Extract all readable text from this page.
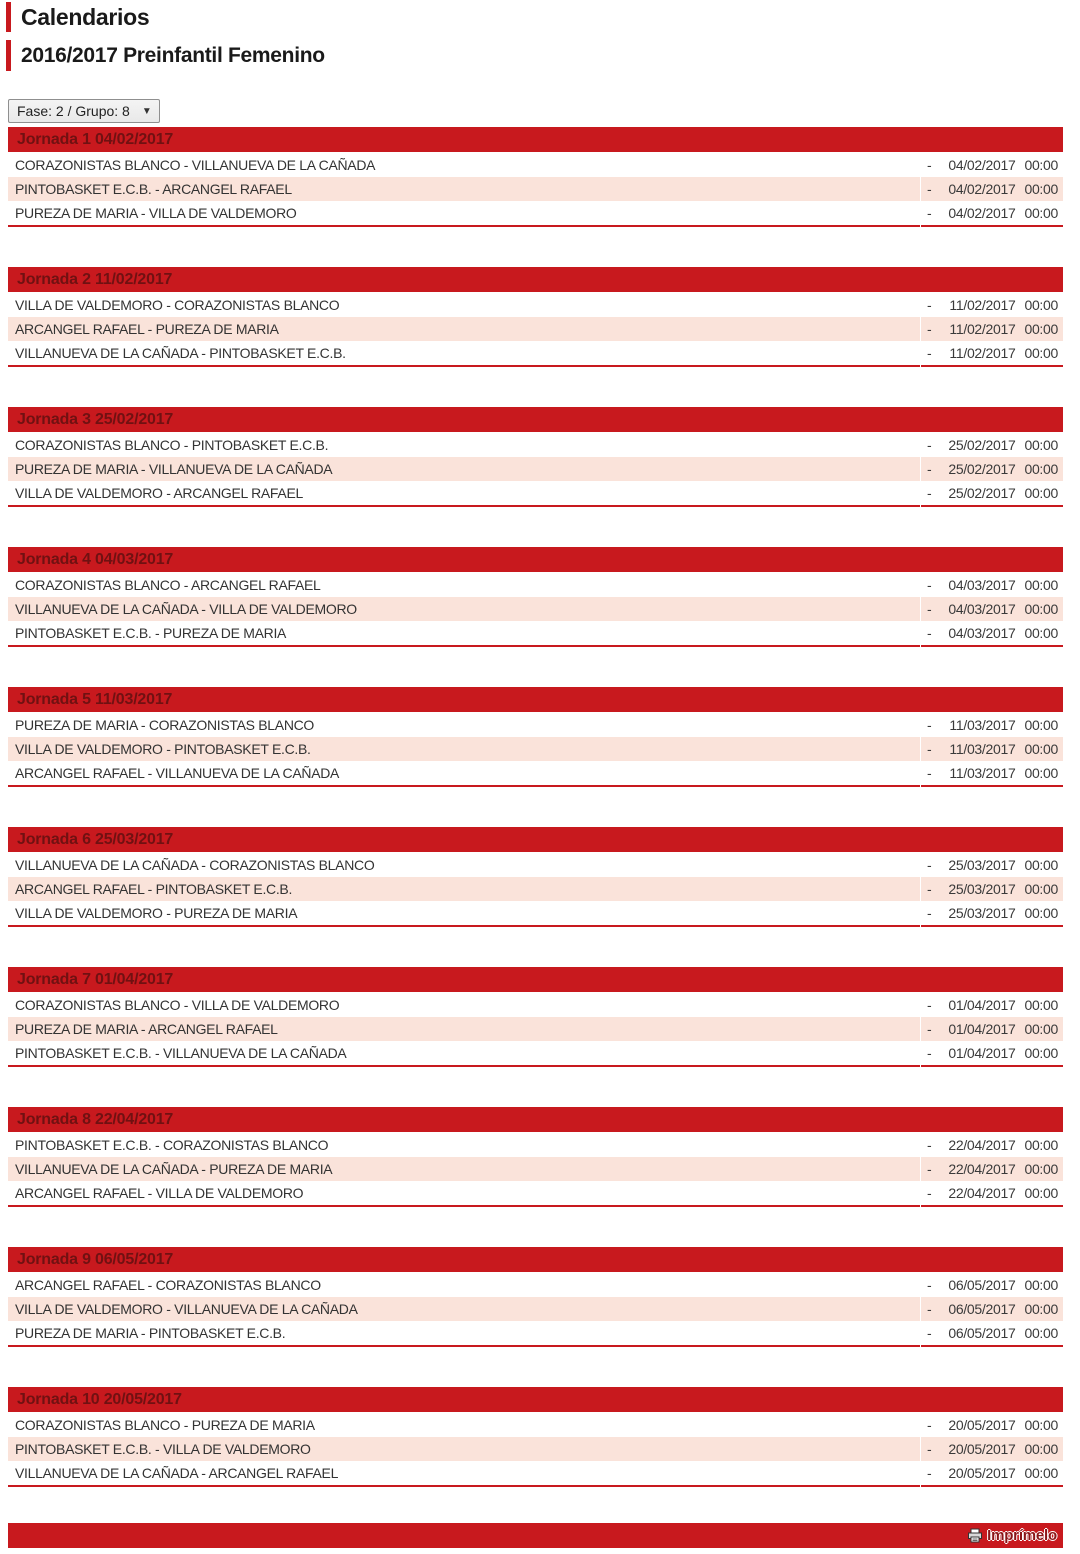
Calendarios
2016/2017 Preinfantil Femenino
Fase: 2 / Grupo: 8 ▼
Jornada 1 04/02/2017
CORAZONISTAS BLANCO - VILLANUEVA DE LA CAÑADA	- 04/02/2017 00:00
PINTOBASKET E.C.B. - ARCANGEL RAFAEL	- 04/02/2017 00:00
PUREZA DE MARIA - VILLA DE VALDEMORO	- 04/02/2017 00:00
Jornada 2 11/02/2017
VILLA DE VALDEMORO - CORAZONISTAS BLANCO	- 11/02/2017 00:00
ARCANGEL RAFAEL - PUREZA DE MARIA	- 11/02/2017 00:00
VILLANUEVA DE LA CAÑADA - PINTOBASKET E.C.B.	- 11/02/2017 00:00
Jornada 3 25/02/2017
CORAZONISTAS BLANCO - PINTOBASKET E.C.B.	- 25/02/2017 00:00
PUREZA DE MARIA - VILLANUEVA DE LA CAÑADA	- 25/02/2017 00:00
VILLA DE VALDEMORO - ARCANGEL RAFAEL	- 25/02/2017 00:00
Jornada 4 04/03/2017
CORAZONISTAS BLANCO - ARCANGEL RAFAEL	- 04/03/2017 00:00
VILLANUEVA DE LA CAÑADA - VILLA DE VALDEMORO	- 04/03/2017 00:00
PINTOBASKET E.C.B. - PUREZA DE MARIA	- 04/03/2017 00:00
Jornada 5 11/03/2017
PUREZA DE MARIA - CORAZONISTAS BLANCO	- 11/03/2017 00:00
VILLA DE VALDEMORO - PINTOBASKET E.C.B.	- 11/03/2017 00:00
ARCANGEL RAFAEL - VILLANUEVA DE LA CAÑADA	- 11/03/2017 00:00
Jornada 6 25/03/2017
VILLANUEVA DE LA CAÑADA - CORAZONISTAS BLANCO	- 25/03/2017 00:00
ARCANGEL RAFAEL - PINTOBASKET E.C.B.	- 25/03/2017 00:00
VILLA DE VALDEMORO - PUREZA DE MARIA	- 25/03/2017 00:00
Jornada 7 01/04/2017
CORAZONISTAS BLANCO - VILLA DE VALDEMORO	- 01/04/2017 00:00
PUREZA DE MARIA - ARCANGEL RAFAEL	- 01/04/2017 00:00
PINTOBASKET E.C.B. - VILLANUEVA DE LA CAÑADA	- 01/04/2017 00:00
Jornada 8 22/04/2017
PINTOBASKET E.C.B. - CORAZONISTAS BLANCO	- 22/04/2017 00:00
VILLANUEVA DE LA CAÑADA - PUREZA DE MARIA	- 22/04/2017 00:00
ARCANGEL RAFAEL - VILLA DE VALDEMORO	- 22/04/2017 00:00
Jornada 9 06/05/2017
ARCANGEL RAFAEL - CORAZONISTAS BLANCO	- 06/05/2017 00:00
VILLA DE VALDEMORO - VILLANUEVA DE LA CAÑADA	- 06/05/2017 00:00
PUREZA DE MARIA - PINTOBASKET E.C.B.	- 06/05/2017 00:00
Jornada 10 20/05/2017
CORAZONISTAS BLANCO - PUREZA DE MARIA	- 20/05/2017 00:00
PINTOBASKET E.C.B. - VILLA DE VALDEMORO	- 20/05/2017 00:00
VILLANUEVA DE LA CAÑADA - ARCANGEL RAFAEL	- 20/05/2017 00:00
Imprímelo
